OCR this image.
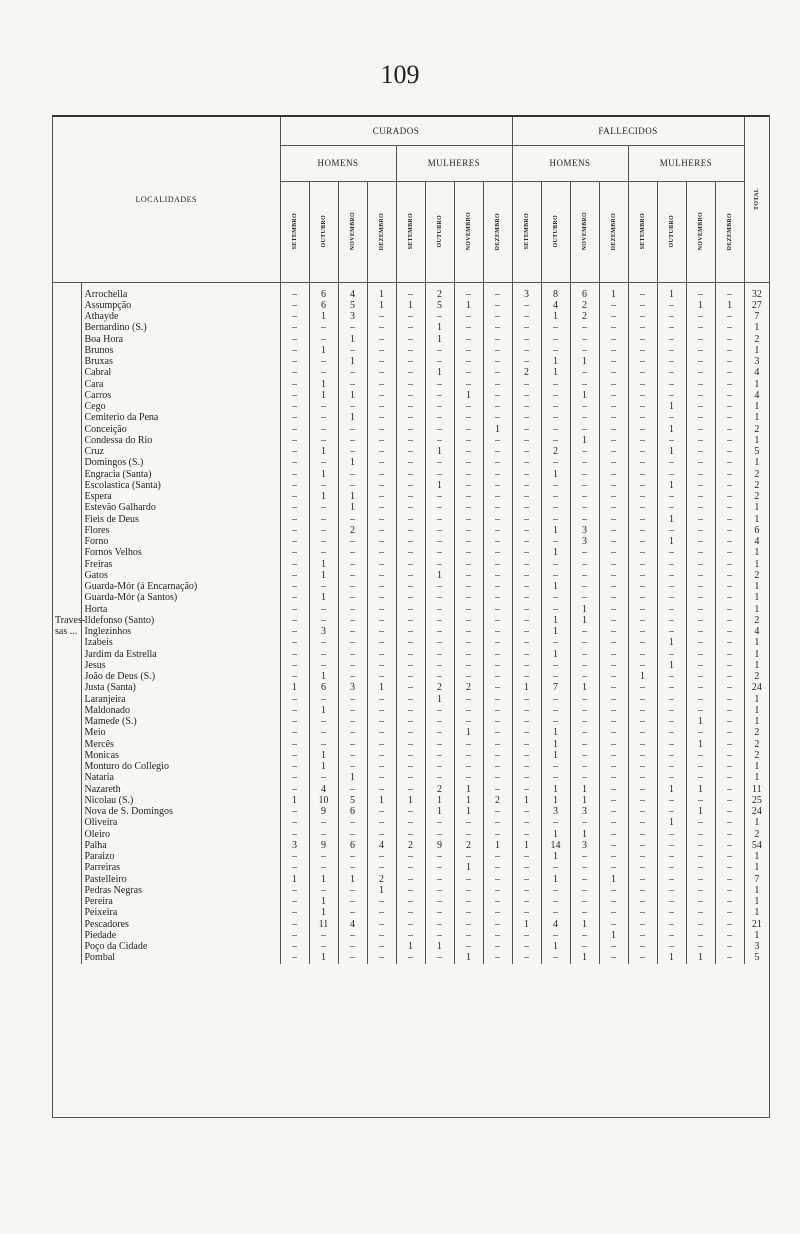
109
LOCALIDADES		CURADOS								FALLECIDOS								TOTAL

		HOMENS				MULHERES				HOMENS				MULHERES				

		SETEMBRO	OUTUBRO	NOVEMBRO	DEZEMBRO	SETEMBRO	OUTUBRO	NOVEMBRO	DEZEMBRO	SETEMBRO	OUTUBRO	NOVEMBRO	DEZEMBRO	SETEMBRO	OUTUBRO	NOVEMBRO	DEZEMBRO	

Traves-
sas ...	Arrochella	–	6	4	1	–	2	–	–	3	8	6	1	–	1	–	–	32
	Assumpção	–	6	5	1	1	5	1	–	–	4	2	–	–	–	1	1	27
	Athayde	–	1	3	–	–	–	–	–	–	1	2	–	–	–	–	–	7
	Bernardino (S.)	–	–	–	–	–	1	–	–	–	–	–	–	–	–	–	–	1
	Boa Hora	–	–	1	–	–	1	–	–	–	–	–	–	–	–	–	–	2
	Brunos	–	1	–	–	–	–	–	–	–	–	–	–	–	–	–	–	1
	Bruxas	–	–	1	–	–	–	–	–	–	1	1	–	–	–	–	–	3
	Cabral	–	–	–	–	–	1	–	–	2	1	–	–	–	–	–	–	4
	Cara	–	1	–	–	–	–	–	–	–	–	–	–	–	–	–	–	1
	Carros	–	1	1	–	–	–	1	–	–	–	1	–	–	–	–	–	4
	Cego	–	–	–	–	–	–	–	–	–	–	–	–	–	1	–	–	1
	Cemiterio da Pena	–	–	1	–	–	–	–	–	–	–	–	–	–	–	–	–	1
	Conceição	–	–	–	–	–	–	–	1	–	–	–	–	–	1	–	–	2
	Condessa do Rio	–	–	–	–	–	–	–	–	–	–	1	–	–	–	–	–	1
	Cruz	–	1	–	–	–	1	–	–	–	2	–	–	–	1	–	–	5
	Domingos (S.)	–	–	1	–	–	–	–	–	–	–	–	–	–	–	–	–	1
	Engracia (Santa)	–	1	–	–	–	–	–	–	–	1	–	–	–	–	–	–	2
	Escolastica (Santa)	–	–	–	–	–	1	–	–	–	–	–	–	–	1	–	–	2
	Espera	–	1	1	–	–	–	–	–	–	–	–	–	–	–	–	–	2
	Estevão Galhardo	–	–	1	–	–	–	–	–	–	–	–	–	–	–	–	–	1
	Fieis de Deus	–	–	–	–	–	–	–	–	–	–	–	–	–	1	–	–	1
	Flores	–	–	2	–	–	–	–	–	–	1	3	–	–	–	–	–	6
	Forno	–	–	–	–	–	–	–	–	–	–	3	–	–	1	–	–	4
	Fornos Velhos	–	–	–	–	–	–	–	–	–	1	–	–	–	–	–	–	1
	Freiras	–	1	–	–	–	–	–	–	–	–	–	–	–	–	–	–	1
	Gatos	–	1	–	–	–	1	–	–	–	–	–	–	–	–	–	–	2
	Guarda-Mór (á Encarnação)	–	–	–	–	–	–	–	–	–	1	–	–	–	–	–	–	1
	Guarda-Mór (a Santos)	–	1	–	–	–	–	–	–	–	–	–	–	–	–	–	–	1
	Horta	–	–	–	–	–	–	–	–	–	–	1	–	–	–	–	–	1
	Ildefonso (Santo)	–	–	–	–	–	–	–	–	–	1	1	–	–	–	–	–	2
	Inglezinhos	–	3	–	–	–	–	–	–	–	1	–	–	–	–	–	–	4
	Izabeis	–	–	–	–	–	–	–	–	–	–	–	–	–	1	–	–	1
	Jardim da Estrella	–	–	–	–	–	–	–	–	–	1	–	–	–	–	–	–	1
	Jesus	–	–	–	–	–	–	–	–	–	–	–	–	–	1	–	–	1
	João de Deus (S.)	–	1	–	–	–	–	–	–	–	–	–	–	1	–	–	–	2
	Justa (Santa)	1	6	3	1	–	2	2	–	1	7	1	–	–	–	–	–	24
	Laranjeira	–	–	–	–	–	1	–	–	–	–	–	–	–	–	–	–	1
	Maldonado	–	1	–	–	–	–	–	–	–	–	–	–	–	–	–	–	1
	Mamede (S.)	–	–	–	–	–	–	–	–	–	–	–	–	–	–	1	–	1
	Meio	–	–	–	–	–	–	1	–	–	1	–	–	–	–	–	–	2
	Mercês	–	–	–	–	–	–	–	–	–	1	–	–	–	–	1	–	2
	Monicas	–	1	–	–	–	–	–	–	–	1	–	–	–	–	–	–	2
	Monturo do Collegio	–	1	–	–	–	–	–	–	–	–	–	–	–	–	–	–	1
	Nataria	–	–	1	–	–	–	–	–	–	–	–	–	–	–	–	–	1
	Nazareth	–	4	–	–	–	2	1	–	–	1	1	–	–	1	1	–	11
	Nicolau (S.)	1	10	5	1	1	1	1	2	1	1	1	–	–	–	–	–	25
	Nova de S. Domingos	–	9	6	–	–	1	1	–	–	3	3	–	–	–	1	–	24
	Oliveira	–	–	–	–	–	–	–	–	–	–	–	–	–	1	–	–	1
	Oleiro	–	–	–	–	–	–	–	–	–	1	1	–	–	–	–	–	2
	Palha	3	9	6	4	2	9	2	1	1	14	3	–	–	–	–	–	54
	Paraizo	–	–	–	–	–	–	–	–	–	1	–	–	–	–	–	–	1
	Parreiras	–	–	–	–	–	–	1	–	–	–	–	–	–	–	–	–	1
	Pastelleiro	1	1	1	2	–	–	–	–	–	1	–	1	–	–	–	–	7
	Pedras Negras	–	–	–	1	–	–	–	–	–	–	–	–	–	–	–	–	1
	Pereira	–	1	–	–	–	–	–	–	–	–	–	–	–	–	–	–	1
	Peixeira	–	1	–	–	–	–	–	–	–	–	–	–	–	–	–	–	1
	Pescadores	–	11	4	–	–	–	–	–	1	4	1	–	–	–	–	–	21
	Piedade	–	–	–	–	–	–	–	–	–	–	–	1	–	–	–	–	1
	Poço da Cidade	–	–	–	–	1	1	–	–	–	1	–	–	–	–	–	–	3
	Pombal	–	1	–	–	–	–	1	–	–	–	1	–	–	1	1	–	5
